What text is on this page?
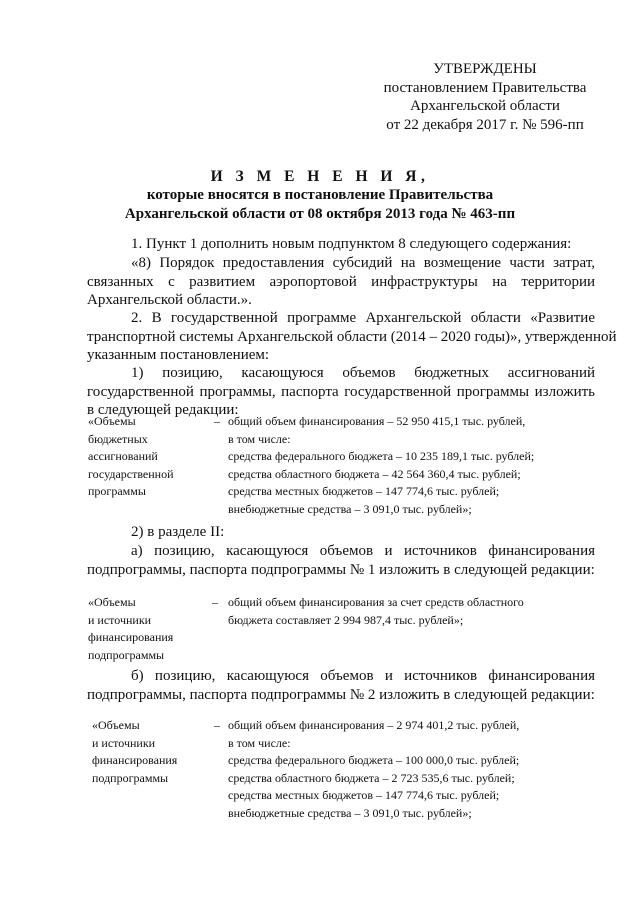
УТВЕРЖДЕНЫ
постановлением Правительства
Архангельской области
от 22 декабря 2017 г. № 596-пп
И З М Е Н Е Н И Я,
которые вносятся в постановление Правительства
Архангельской области от 08 октября 2013 года № 463-пп
1. Пункт 1 дополнить новым подпунктом 8 следующего содержания:
«8) Порядок предоставления субсидий на возмещение части затрат,
связанных с развитием аэропортовой инфраструктуры на территории
Архангельской области.».
2. В государственной программе Архангельской области «Развитие
транспортной системы Архангельской области (2014 – 2020 годы)», утвержденной
указанным постановлением:
1) позицию, касающуюся объемов бюджетных ассигнований
государственной программы, паспорта государственной программы изложить
в следующей редакции:
«Объемы
бюджетных
ассигнований
государственной
программы
– общий объем финансирования – 52 950 415,1 тыс. рублей,
в том числе:
средства федерального бюджета – 10 235 189,1 тыс. рублей;
средства областного бюджета – 42 564 360,4 тыс. рублей;
средства местных бюджетов – 147 774,6 тыс. рублей;
внебюджетные средства – 3 091,0 тыс. рублей»;
2) в разделе II:
а) позицию, касающуюся объемов и источников финансирования
подпрограммы, паспорта подпрограммы № 1 изложить в следующей редакции:
«Объемы
и источники
финансирования
подпрограммы
– общий объем финансирования за счет средств областного
бюджета составляет 2 994 987,4 тыс. рублей»;
б) позицию, касающуюся объемов и источников финансирования
подпрограммы, паспорта подпрограммы № 2 изложить в следующей редакции:
«Объемы
и источники
финансирования
подпрограммы
– общий объем финансирования – 2 974 401,2 тыс. рублей,
в том числе:
средства федерального бюджета – 100 000,0 тыс. рублей;
средства областного бюджета – 2 723 535,6 тыс. рублей;
средства местных бюджетов – 147 774,6 тыс. рублей;
внебюджетные средства – 3 091,0 тыс. рублей»;
